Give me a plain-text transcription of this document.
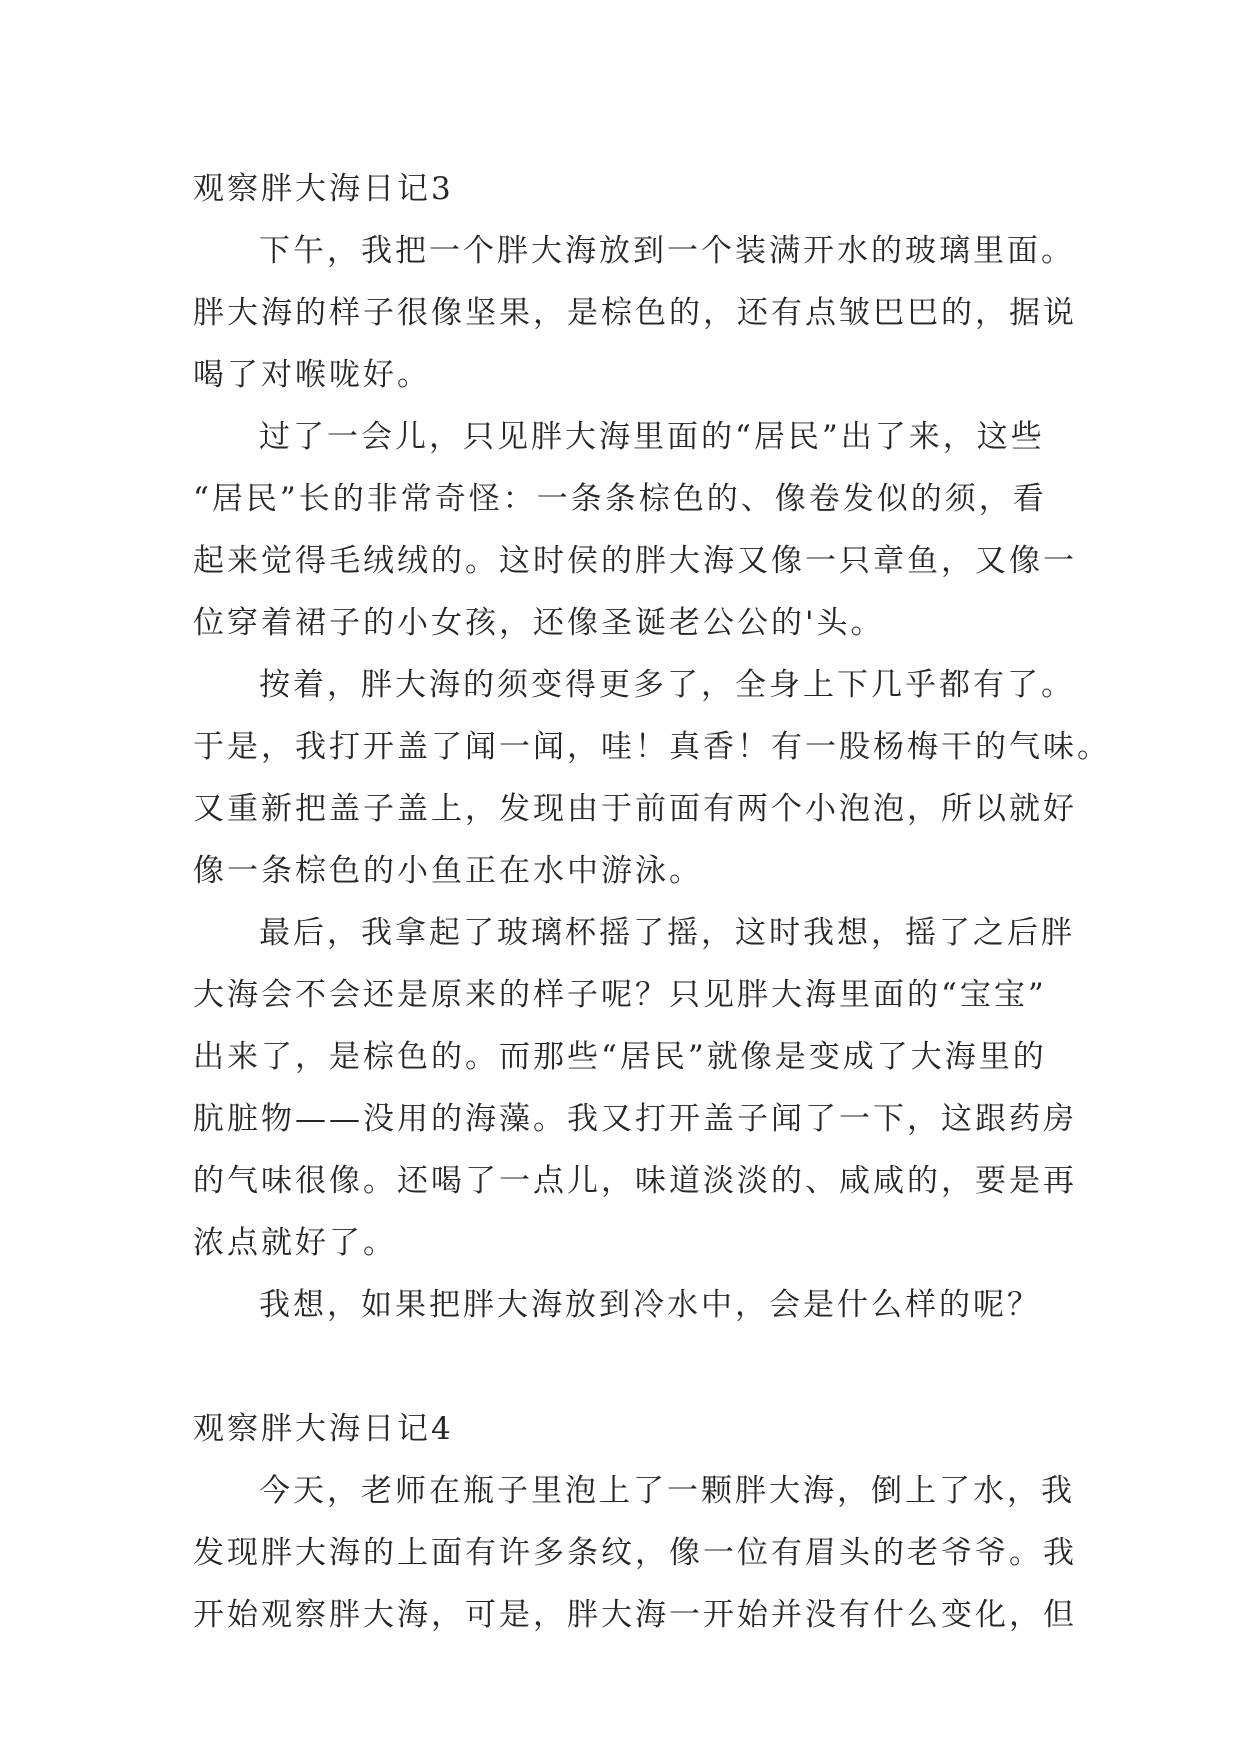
观察胖大海日记3

下午，我把一个胖大海放到一个装满开水的玻璃里面。
胖大海的样子很像坚果，是棕色的，还有点皱巴巴的，据说
喝了对喉咙好。

过了一会儿，只见胖大海里面的“居民”出了来，这些
“居民”长的非常奇怪：一条条棕色的、像卷发似的须，看
起来觉得毛绒绒的。这时侯的胖大海又像一只章鱼，又像一
位穿着裙子的小女孩，还像圣诞老公公的'头。

按着，胖大海的须变得更多了，全身上下几乎都有了。
于是，我打开盖了闻一闻，哇！真香！有一股杨梅干的气味。
又重新把盖子盖上，发现由于前面有两个小泡泡，所以就好
像一条棕色的小鱼正在水中游泳。

最后，我拿起了玻璃杯摇了摇，这时我想，摇了之后胖
大海会不会还是原来的样子呢？只见胖大海里面的“宝宝”
出来了，是棕色的。而那些“居民”就像是变成了大海里的
肮脏物——没用的海藻。我又打开盖子闻了一下，这跟药房
的气味很像。还喝了一点儿，味道淡淡的、咸咸的，要是再
浓点就好了。

我想，如果把胖大海放到冷水中，会是什么样的呢？

观察胖大海日记4

今天，老师在瓶子里泡上了一颗胖大海，倒上了水，我
发现胖大海的上面有许多条纹，像一位有眉头的老爷爷。我
开始观察胖大海，可是，胖大海一开始并没有什么变化，但
